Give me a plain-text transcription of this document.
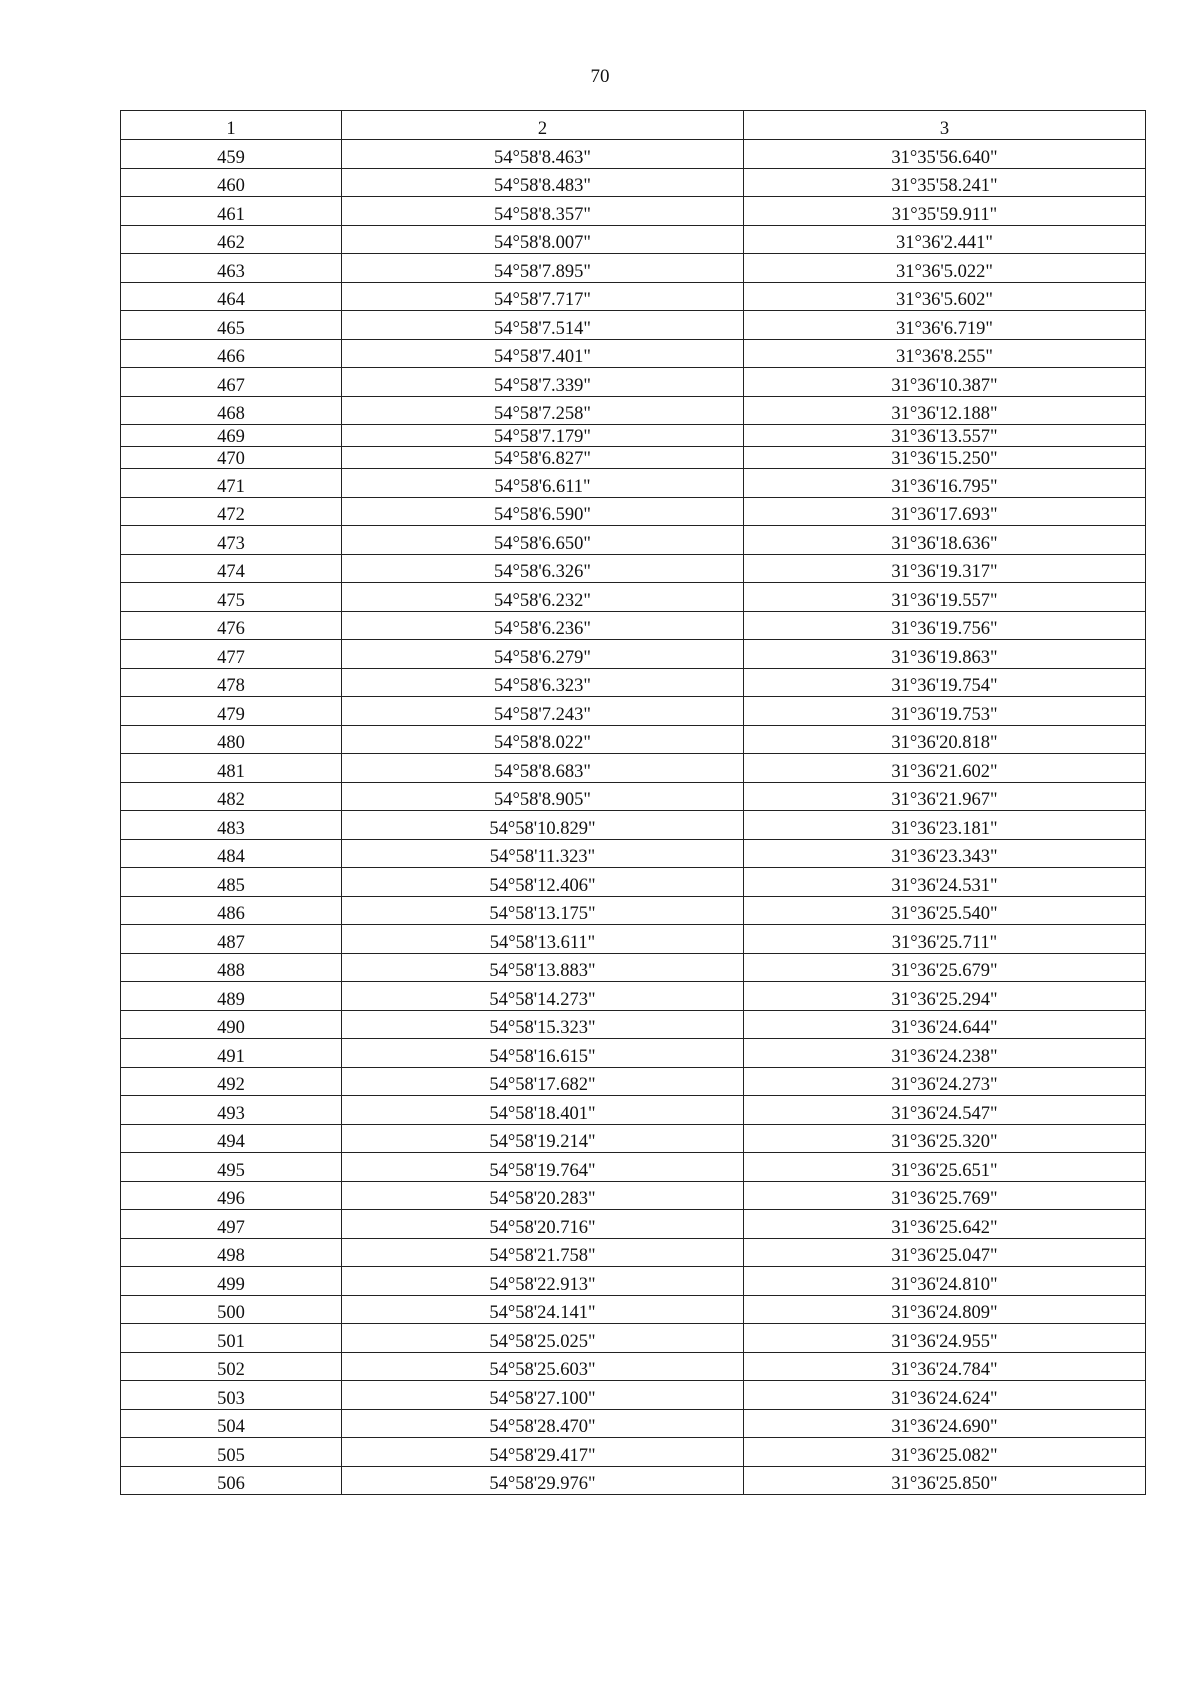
70
1	2	3
459	54°58'8.463"	31°35'56.640"
460	54°58'8.483"	31°35'58.241"
461	54°58'8.357"	31°35'59.911"
462	54°58'8.007"	31°36'2.441"
463	54°58'7.895"	31°36'5.022"
464	54°58'7.717"	31°36'5.602"
465	54°58'7.514"	31°36'6.719"
466	54°58'7.401"	31°36'8.255"
467	54°58'7.339"	31°36'10.387"
468	54°58'7.258"	31°36'12.188"
469	54°58'7.179"	31°36'13.557"
470	54°58'6.827"	31°36'15.250"
471	54°58'6.611"	31°36'16.795"
472	54°58'6.590"	31°36'17.693"
473	54°58'6.650"	31°36'18.636"
474	54°58'6.326"	31°36'19.317"
475	54°58'6.232"	31°36'19.557"
476	54°58'6.236"	31°36'19.756"
477	54°58'6.279"	31°36'19.863"
478	54°58'6.323"	31°36'19.754"
479	54°58'7.243"	31°36'19.753"
480	54°58'8.022"	31°36'20.818"
481	54°58'8.683"	31°36'21.602"
482	54°58'8.905"	31°36'21.967"
483	54°58'10.829"	31°36'23.181"
484	54°58'11.323"	31°36'23.343"
485	54°58'12.406"	31°36'24.531"
486	54°58'13.175"	31°36'25.540"
487	54°58'13.611"	31°36'25.711"
488	54°58'13.883"	31°36'25.679"
489	54°58'14.273"	31°36'25.294"
490	54°58'15.323"	31°36'24.644"
491	54°58'16.615"	31°36'24.238"
492	54°58'17.682"	31°36'24.273"
493	54°58'18.401"	31°36'24.547"
494	54°58'19.214"	31°36'25.320"
495	54°58'19.764"	31°36'25.651"
496	54°58'20.283"	31°36'25.769"
497	54°58'20.716"	31°36'25.642"
498	54°58'21.758"	31°36'25.047"
499	54°58'22.913"	31°36'24.810"
500	54°58'24.141"	31°36'24.809"
501	54°58'25.025"	31°36'24.955"
502	54°58'25.603"	31°36'24.784"
503	54°58'27.100"	31°36'24.624"
504	54°58'28.470"	31°36'24.690"
505	54°58'29.417"	31°36'25.082"
506	54°58'29.976"	31°36'25.850"
